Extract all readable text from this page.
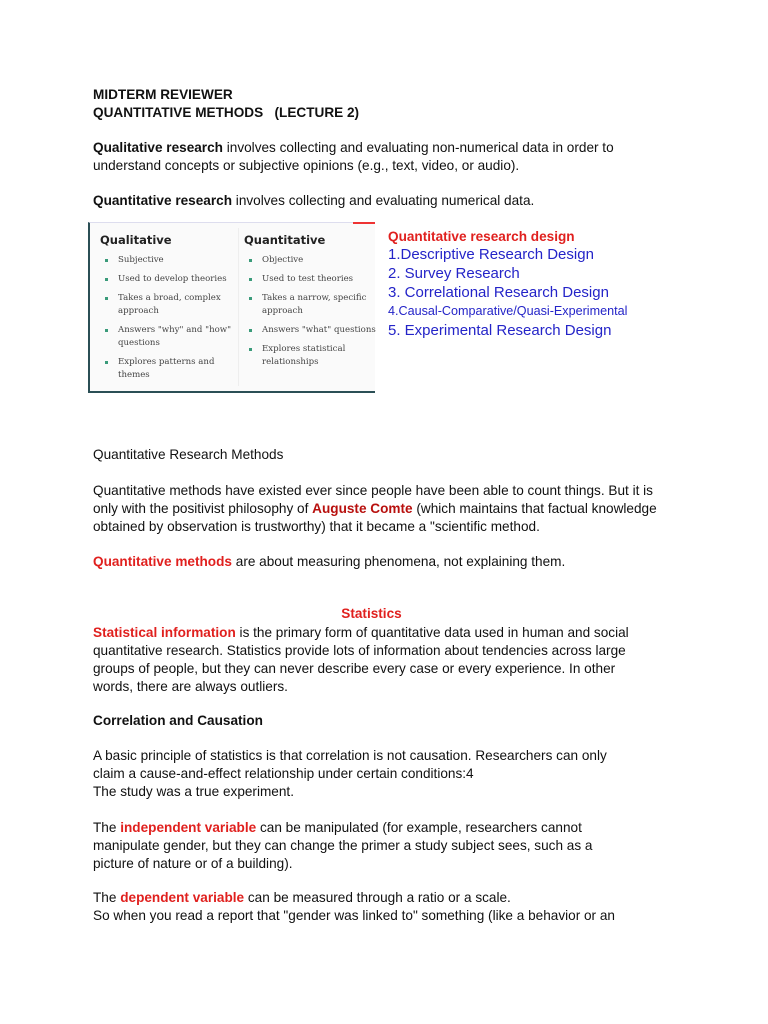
MIDTERM REVIEWER
QUANTITATIVE METHODS   (LECTURE 2)
Qualitative research involves collecting and evaluating non-numerical data in order to understand concepts or subjective opinions (e.g., text, video, or audio).
Quantitative research involves collecting and evaluating numerical data.
Qualitative
Subjective
Used to develop theories
Takes a broad, complex approach
Answers "why" and "how" questions
Explores patterns and themes
Quantitative
Objective
Used to test theories
Takes a narrow, specific approach
Answers "what" questions
Explores statistical relationships
Quantitative research design
1.Descriptive Research Design
2. Survey Research
3. Correlational Research Design
4.Causal-Comparative/Quasi-Experimental
5. Experimental Research Design
Quantitative Research Methods
Quantitative methods have existed ever since people have been able to count things. But it is only with the positivist philosophy of Auguste Comte (which maintains that factual knowledge obtained by observation is trustworthy) that it became a "scientific method.
Quantitative methods are about measuring phenomena, not explaining them.
Statistics
Statistical information is the primary form of quantitative data used in human and social quantitative research. Statistics provide lots of information about tendencies across large groups of people, but they can never describe every case or every experience. In other words, there are always outliers.
Correlation and Causation
A basic principle of statistics is that correlation is not causation. Researchers can only claim a cause-and-effect relationship under certain conditions:4
The study was a true experiment.
The independent variable can be manipulated (for example, researchers cannot manipulate gender, but they can change the primer a study subject sees, such as a picture of nature or of a building).
The dependent variable can be measured through a ratio or a scale.
So when you read a report that "gender was linked to" something (like a behavior or an
